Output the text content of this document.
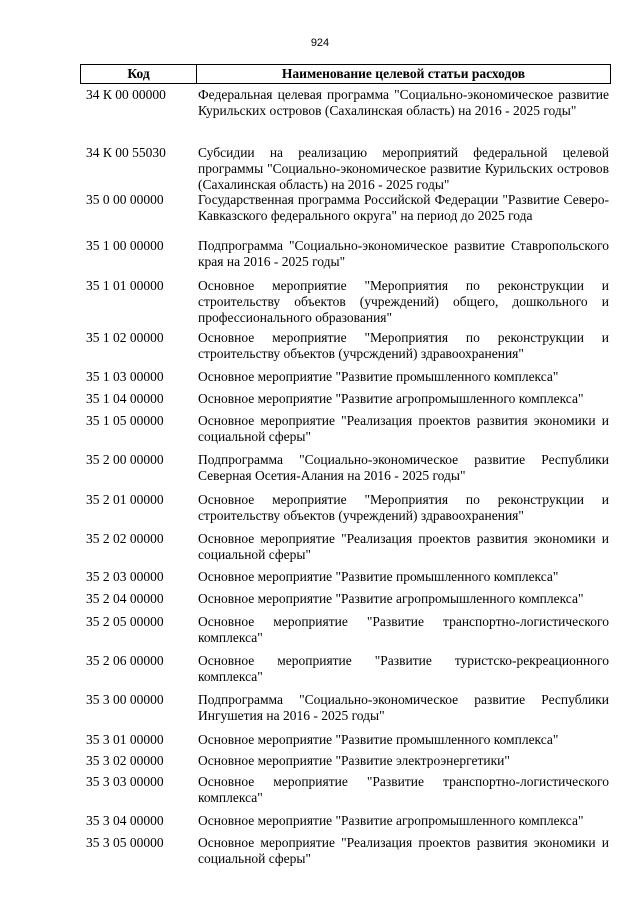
924
Код	Наименование целевой статьи расходов
34 К 00 00000	Федеральная целевая программа "Социально-экономическое развитие Курильских островов (Сахалинская область) на 2016 - 2025 годы"
34 К 00 55030	Субсидии на реализацию мероприятий федеральной целевой программы "Социально-экономическое развитие Курильских островов (Сахалинская область) на 2016 - 2025 годы"
35 0 00 00000	Государственная программа Российской Федерации "Развитие Северо-Кавказского федерального округа" на период до 2025 года
35 1 00 00000	Подпрограмма "Социально-экономическое развитие Ставропольского края на 2016 - 2025 годы"
35 1 01 00000	Основное мероприятие "Мероприятия по реконструкции и строительству объектов (учреждений) общего, дошкольного и профессионального образования"
35 1 02 00000	Основное мероприятие "Мероприятия по реконструкции и строительству объектов (учрсждений) здравоохранения"
35 1 03 00000	Основное мероприятие "Развитие промышленного комплекса"
35 1 04 00000	Основное мероприятие "Развитие агропромышленного комплекса"
35 1 05 00000	Основное мероприятие "Реализация проектов развития экономики и социальной сферы"
35 2 00 00000	Подпрограмма "Социально-экономическое развитие Республики Северная Осетия-Алания на 2016 - 2025 годы"
35 2 01 00000	Основное мероприятие "Мероприятия по реконструкции и строительству объектов (учреждений) здравоохранения"
35 2 02 00000	Основное мероприятие "Реализация проектов развития экономики и социальной сферы"
35 2 03 00000	Основное мероприятие "Развитие промышленного комплекса"
35 2 04 00000	Основное мероприятие "Развитие агропромышленного комплекса"
35 2 05 00000	Основное мероприятие "Развитие транспортно-логистического комплекса"
35 2 06 00000	Основное мероприятие "Развитие туристско-рекреационного комплекса"
35 3 00 00000	Подпрограмма "Социально-экономическое развитие Республики Ингушетия на 2016 - 2025 годы"
35 3 01 00000	Основное мероприятие "Развитие промышленного комплекса"
35 3 02 00000	Основное мероприятие "Развитие электроэнергетики"
35 3 03 00000	Основное мероприятие "Развитие транспортно-логистического комплекса"
35 3 04 00000	Основное мероприятие "Развитие агропромышленного комплекса"
35 3 05 00000	Основное мероприятие "Реализация проектов развития экономики и социальной сферы"
